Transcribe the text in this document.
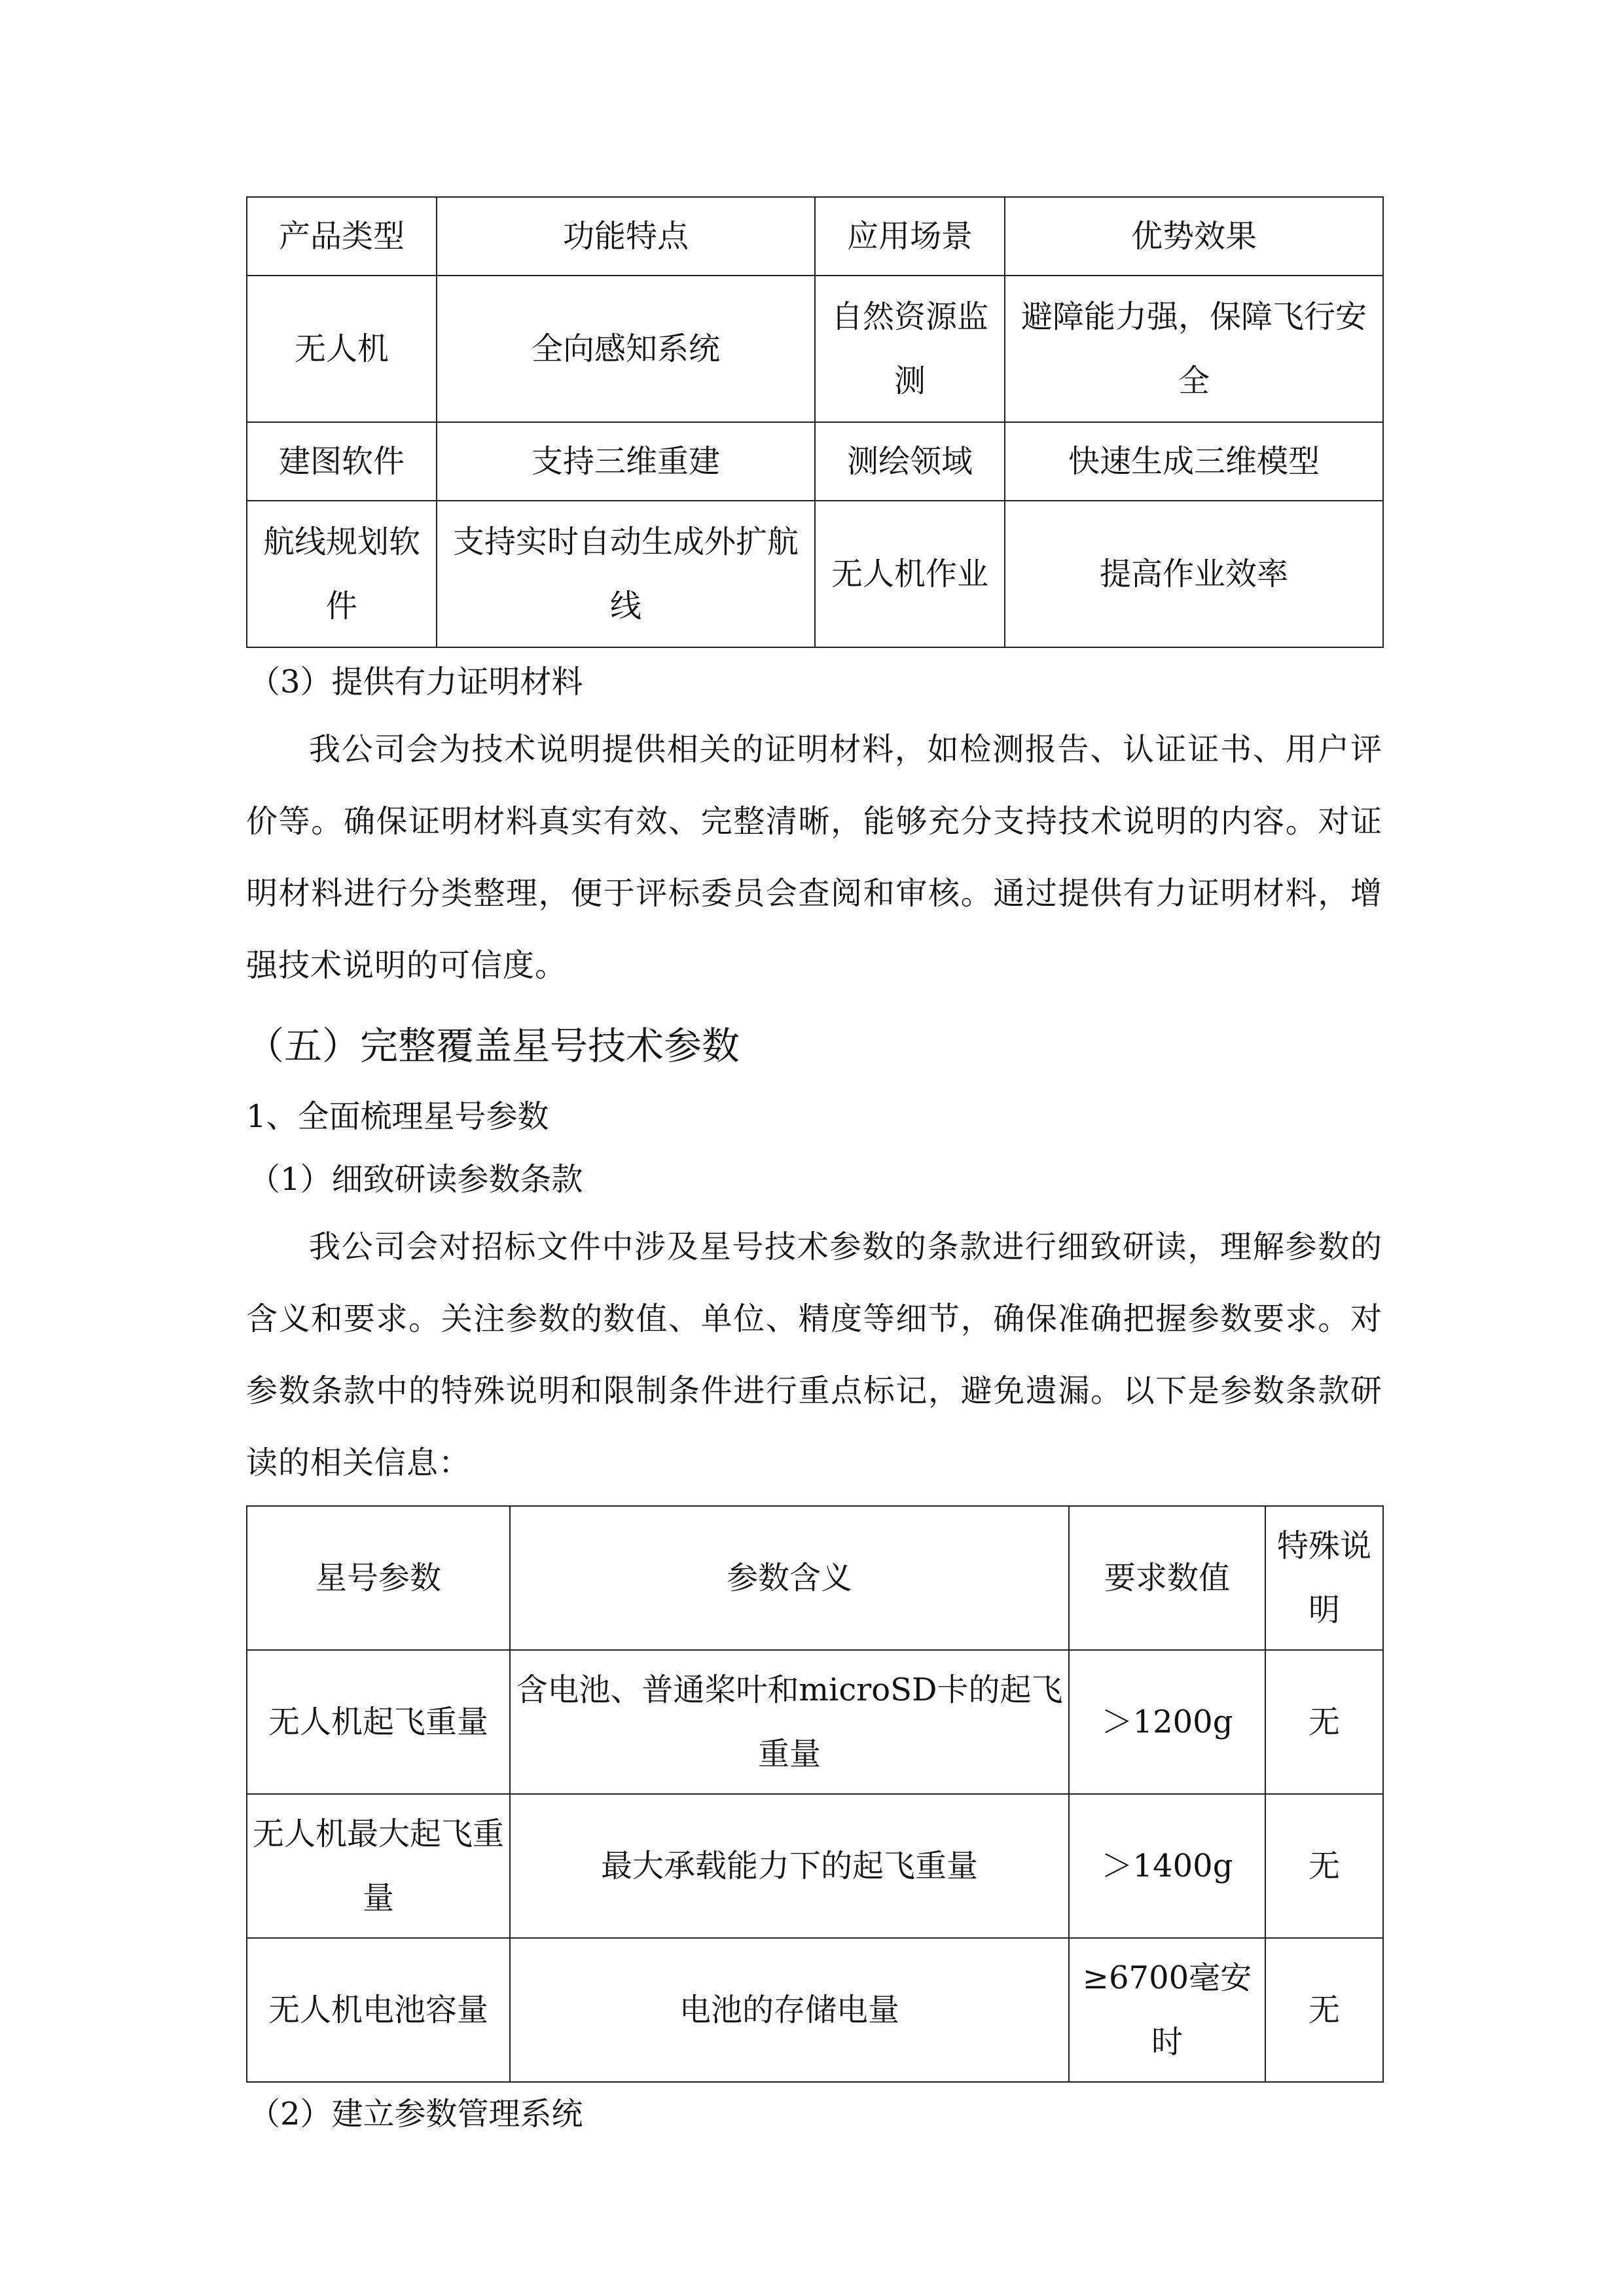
产品类型	功能特点	应用场景	优势效果
无人机	全向感知系统	自然资源监测	避障能力强，保障飞行安全
建图软件	支持三维重建	测绘领域	快速生成三维模型
航线规划软件	支持实时自动生成外扩航线	无人机作业	提高作业效率

（3）提供有力证明材料

我公司会为技术说明提供相关的证明材料，如检测报告、认证证书、用户评价等。确保证明材料真实有效、完整清晰，能够充分支持技术说明的内容。对证明材料进行分类整理，便于评标委员会查阅和审核。通过提供有力证明材料，增强技术说明的可信度。

（五）完整覆盖星号技术参数

1、全面梳理星号参数

（1）细致研读参数条款

我公司会对招标文件中涉及星号技术参数的条款进行细致研读，理解参数的含义和要求。关注参数的数值、单位、精度等细节，确保准确把握参数要求。对参数条款中的特殊说明和限制条件进行重点标记，避免遗漏。以下是参数条款研读的相关信息：

星号参数	参数含义	要求数值	特殊说明
无人机起飞重量	含电池、普通桨叶和microSD卡的起飞重量	＞1200g	无
无人机最大起飞重量	最大承载能力下的起飞重量	＞1400g	无
无人机电池容量	电池的存储电量	≥6700毫安时	无

（2）建立参数管理系统
